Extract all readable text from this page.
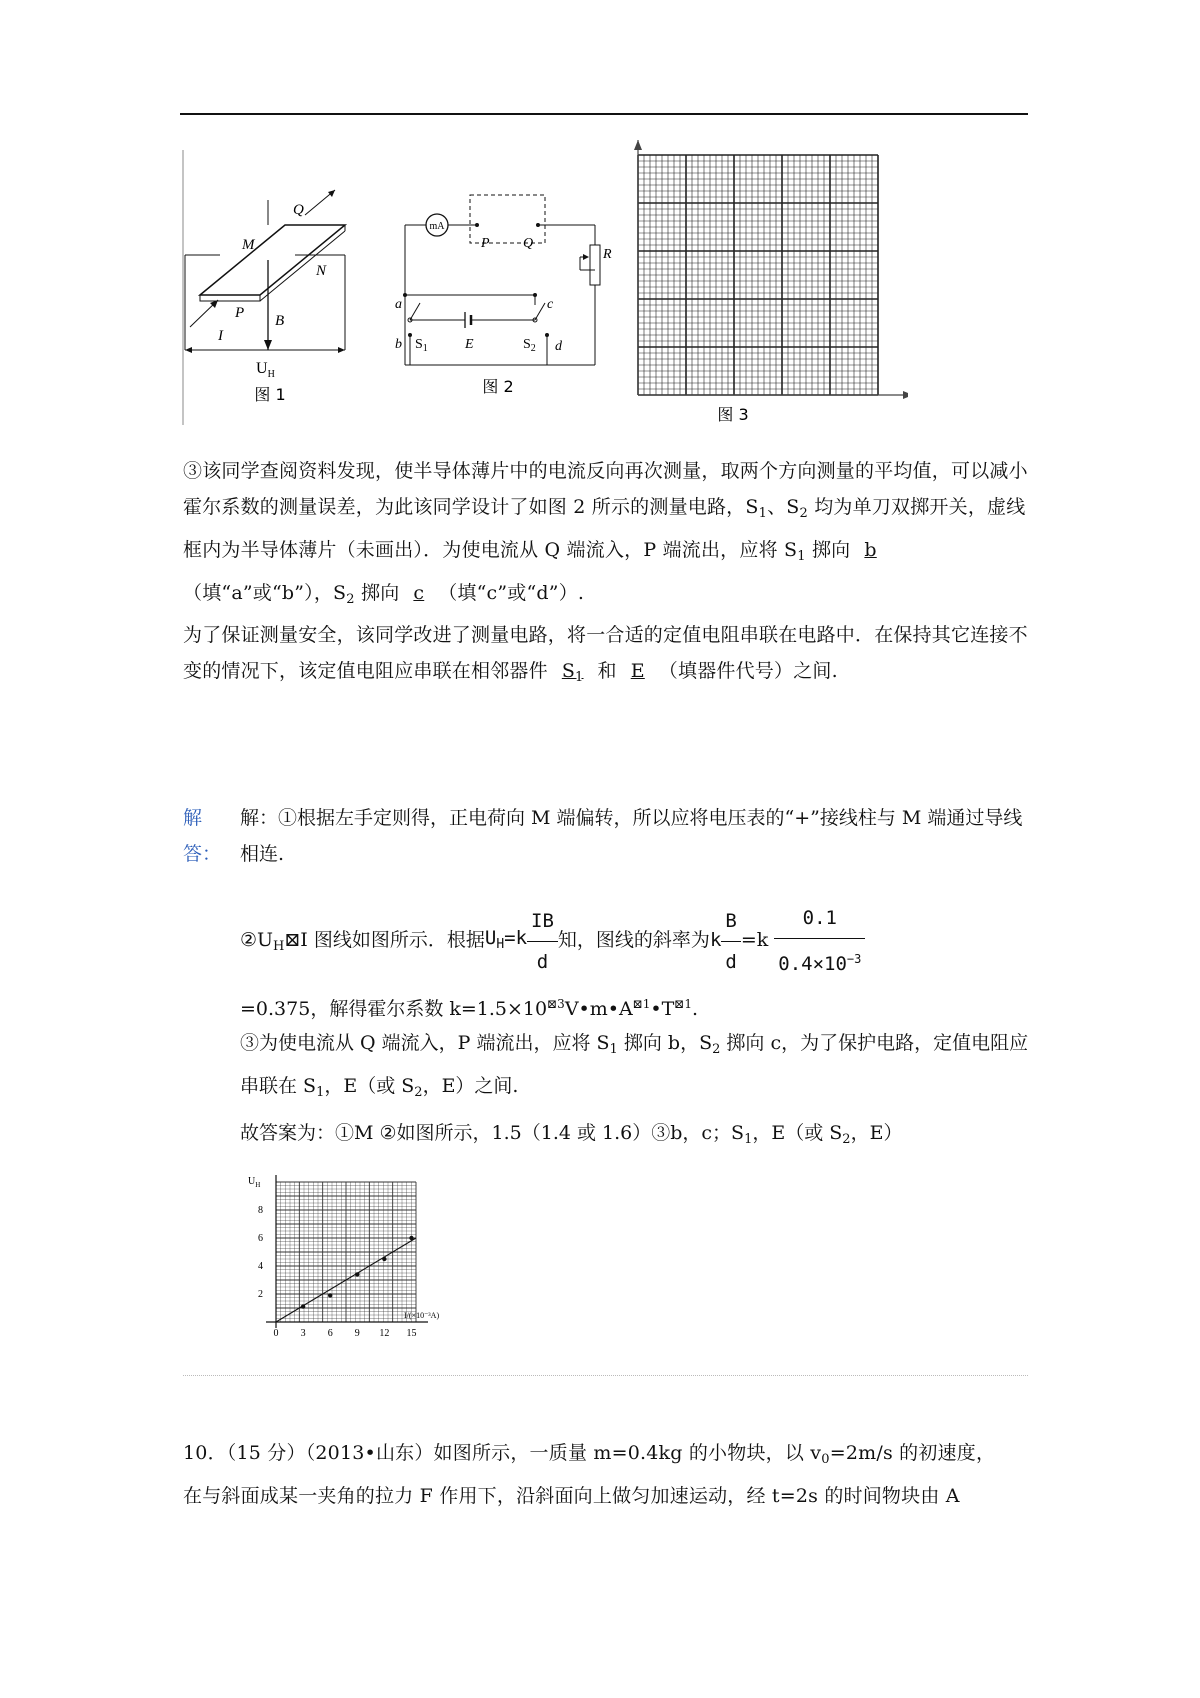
Q
M
N
P B
I
$U_H$
图 1
mA
R
P Q
a
b
c
d
$S_1$	$S_2$
E
图 2
图 3
③该同学查阅资料发现，使半导体薄片中的电流反向再次测量，取两个方向测量的平均值，可以减小霍尔系数的测量误差，为此该同学设计了如图 2 所示的测量电路，$S_1$、$S_2$ 均为单刀双掷开关，虚线框内为半导体薄片（未画出）．为使电流从 Q 端流入，P 端流出，应将 $S_1$ 掷向 b（填“a”或“b”），$S_2$ 掷向 c （填“c”或“d”）.
为了保证测量安全，该同学改进了测量电路，将一合适的定值电阻串联在电路中．在保持其它连接不变的情况下，该定值电阻应串联在相邻器件 $S_1$ 和 E （填器件代号）之间.
解答：
解：①根据左手定则得，正电荷向 M 端偏转，所以应将电压表的“+”接线柱与 M 端通过导线相连.
$②U_H⊠I$ 图线如图所示．根据$U_H=k \frac{IB}{d}$ 知，图线的斜率为k $\frac{B}{d} =k \frac{0.1}{0.4\times 10^{-3}}$

=0.375，解得霍尔系数 $k=1.5\times 10^{⊠3}V•m•A^{⊠1}•T^{⊠1}$.
③为使电流从 Q 端流入，P 端流出，应将 $S_1$ 掷向 b，$S_2$ 掷向 c，为了保护电路，定值电阻应串联在 $S_1$，E（或 $S_2$，E）之间.
故答案为：①M ②如图所示，1.5（1.4 或 1.6）③b，c；$S_1$，E（或 $S_2$，E）
$U_H$
I/(×10⁻³A)
0 3 6 9 12 15
2
4
6
8
10．（15 分）（2013•山东）如图所示，一质量 m=0.4kg 的小物块，以 $v_0=2m/s$ 的初速度，
在与斜面成某一夹角的拉力 F 作用下，沿斜面向上做匀加速运动，经 t=2s 的时间物块由 A
